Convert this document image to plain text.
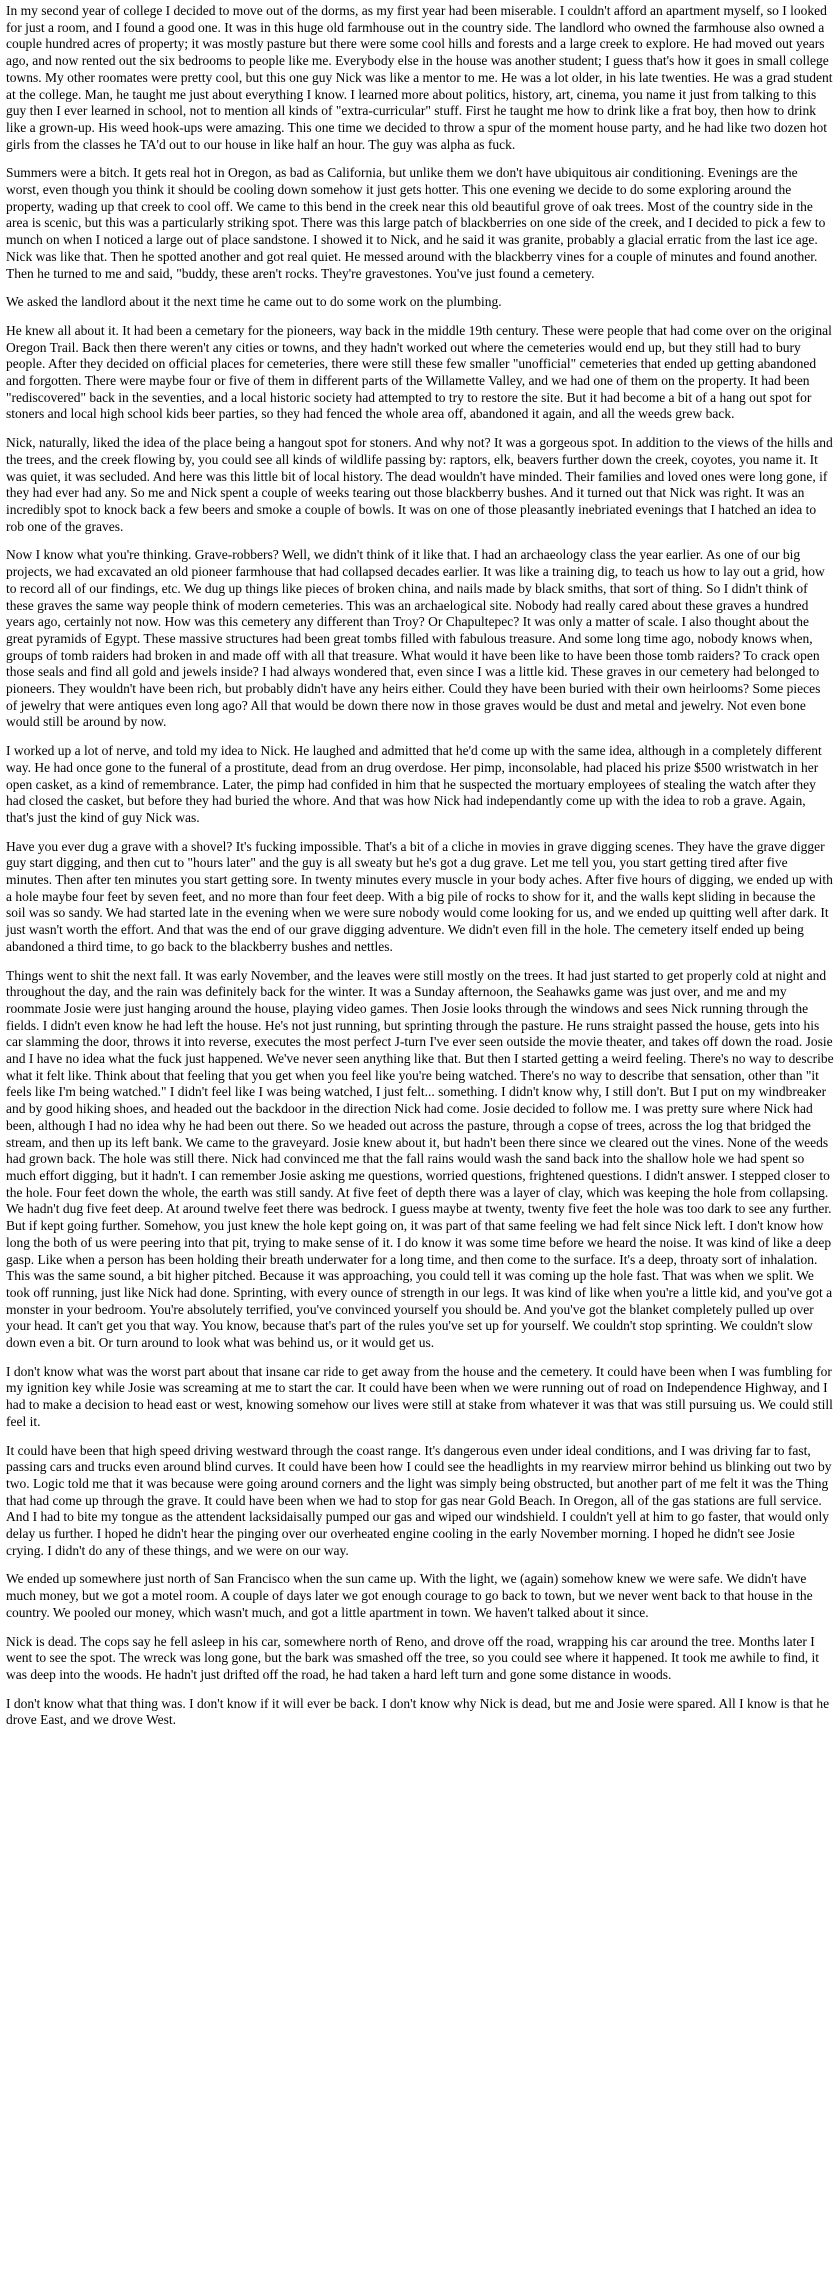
In my second year of college I decided to move out of the dorms, as my first year had been miserable. I couldn't afford an apartment myself, so I looked for just a room, and I found a good one. It was in this huge old farmhouse out in the country side. The landlord who owned the farmhouse also owned a couple hundred acres of property; it was mostly pasture but there were some cool hills and forests and a large creek to explore. He had moved out years ago, and now rented out the six bedrooms to people like me. Everybody else in the house was another student; I guess that's how it goes in small college towns. My other roomates were pretty cool, but this one guy Nick was like a mentor to me. He was a lot older, in his late twenties. He was a grad student at the college. Man, he taught me just about everything I know. I learned more about politics, history, art, cinema, you name it just from talking to this guy then I ever learned in school, not to mention all kinds of "extra-curricular" stuff. First he taught me how to drink like a frat boy, then how to drink like a grown-up. His weed hook-ups were amazing. This one time we decided to throw a spur of the moment house party, and he had like two dozen hot girls from the classes he TA'd out to our house in like half an hour. The guy was alpha as fuck.

Summers were a bitch. It gets real hot in Oregon, as bad as California, but unlike them we don't have ubiquitous air conditioning. Evenings are the worst, even though you think it should be cooling down somehow it just gets hotter. This one evening we decide to do some exploring around the property, wading up that creek to cool off. We came to this bend in the creek near this old beautiful grove of oak trees. Most of the country side in the area is scenic, but this was a particularly striking spot. There was this large patch of blackberries on one side of the creek, and I decided to pick a few to munch on when I noticed a large out of place sandstone. I showed it to Nick, and he said it was granite, probably a glacial erratic from the last ice age. Nick was like that. Then he spotted another and got real quiet. He messed around with the blackberry vines for a couple of minutes and found another. Then he turned to me and said, "buddy, these aren't rocks. They're gravestones. You've just found a cemetery.

We asked the landlord about it the next time he came out to do some work on the plumbing.

He knew all about it. It had been a cemetary for the pioneers, way back in the middle 19th century. These were people that had come over on the original Oregon Trail. Back then there weren't any cities or towns, and they hadn't worked out where the cemeteries would end up, but they still had to bury people. After they decided on official places for cemeteries, there were still these few smaller "unofficial" cemeteries that ended up getting abandoned and forgotten. There were maybe four or five of them in different parts of the Willamette Valley, and we had one of them on the property. It had been "rediscovered" back in the seventies, and a local historic society had attempted to try to restore the site. But it had become a bit of a hang out spot for stoners and local high school kids beer parties, so they had fenced the whole area off, abandoned it again, and all the weeds grew back.

Nick, naturally, liked the idea of the place being a hangout spot for stoners. And why not? It was a gorgeous spot. In addition to the views of the hills and the trees, and the creek flowing by, you could see all kinds of wildlife passing by: raptors, elk, beavers further down the creek, coyotes, you name it. It was quiet, it was secluded. And here was this little bit of local history. The dead wouldn't have minded. Their families and loved ones were long gone, if they had ever had any. So me and Nick spent a couple of weeks tearing out those blackberry bushes. And it turned out that Nick was right. It was an incredibly spot to knock back a few beers and smoke a couple of bowls. It was on one of those pleasantly inebriated evenings that I hatched an idea to rob one of the graves.

Now I know what you're thinking. Grave-robbers? Well, we didn't think of it like that. I had an archaeology class the year earlier. As one of our big projects, we had excavated an old pioneer farmhouse that had collapsed decades earlier. It was like a training dig, to teach us how to lay out a grid, how to record all of our findings, etc. We dug up things like pieces of broken china, and nails made by black smiths, that sort of thing. So I didn't think of these graves the same way people think of modern cemeteries. This was an archaelogical site. Nobody had really cared about these graves a hundred years ago, certainly not now. How was this cemetery any different than Troy? Or Chapultepec? It was only a matter of scale. I also thought about the great pyramids of Egypt. These massive structures had been great tombs filled with fabulous treasure. And some long time ago, nobody knows when, groups of tomb raiders had broken in and made off with all that treasure. What would it have been like to have been those tomb raiders? To crack open those seals and find all gold and jewels inside? I had always wondered that, even since I was a little kid. These graves in our cemetery had belonged to pioneers. They wouldn't have been rich, but probably didn't have any heirs either. Could they have been buried with their own heirlooms? Some pieces of jewelry that were antiques even long ago? All that would be down there now in those graves would be dust and metal and jewelry. Not even bone would still be around by now.

I worked up a lot of nerve, and told my idea to Nick. He laughed and admitted that he'd come up with the same idea, although in a completely different way. He had once gone to the funeral of a prostitute, dead from an drug overdose. Her pimp, inconsolable, had placed his prize $500 wristwatch in her open casket, as a kind of remembrance. Later, the pimp had confided in him that he suspected the mortuary employees of stealing the watch after they had closed the casket, but before they had buried the whore. And that was how Nick had independantly come up with the idea to rob a grave. Again, that's just the kind of guy Nick was.

Have you ever dug a grave with a shovel? It's fucking impossible. That's a bit of a cliche in movies in grave digging scenes. They have the grave digger guy start digging, and then cut to "hours later" and the guy is all sweaty but he's got a dug grave. Let me tell you, you start getting tired after five minutes. Then after ten minutes you start getting sore. In twenty minutes every muscle in your body aches. After five hours of digging, we ended up with a hole maybe four feet by seven feet, and no more than four feet deep. With a big pile of rocks to show for it, and the walls kept sliding in because the soil was so sandy. We had started late in the evening when we were sure nobody would come looking for us, and we ended up quitting well after dark. It just wasn't worth the effort. And that was the end of our grave digging adventure. We didn't even fill in the hole. The cemetery itself ended up being abandoned a third time, to go back to the blackberry bushes and nettles.

Things went to shit the next fall. It was early November, and the leaves were still mostly on the trees. It had just started to get properly cold at night and throughout the day, and the rain was definitely back for the winter. It was a Sunday afternoon, the Seahawks game was just over, and me and my roommate Josie were just hanging around the house, playing video games. Then Josie looks through the windows and sees Nick running through the fields. I didn't even know he had left the house. He's not just running, but sprinting through the pasture. He runs straight passed the house, gets into his car slamming the door, throws it into reverse, executes the most perfect J-turn I've ever seen outside the movie theater, and takes off down the road. Josie and I have no idea what the fuck just happened. We've never seen anything like that. But then I started getting a weird feeling. There's no way to describe what it felt like. Think about that feeling that you get when you feel like you're being watched. There's no way to describe that sensation, other than "it feels like I'm being watched." I didn't feel like I was being watched, I just felt... something. I didn't know why, I still don't. But I put on my windbreaker and by good hiking shoes, and headed out the backdoor in the direction Nick had come. Josie decided to follow me. I was pretty sure where Nick had been, although I had no idea why he had been out there. So we headed out across the pasture, through a copse of trees, across the log that bridged the stream, and then up its left bank. We came to the graveyard. Josie knew about it, but hadn't been there since we cleared out the vines. None of the weeds had grown back. The hole was still there. Nick had convinced me that the fall rains would wash the sand back into the shallow hole we had spent so much effort digging, but it hadn't. I can remember Josie asking me questions, worried questions, frightened questions. I didn't answer. I stepped closer to the hole. Four feet down the whole, the earth was still sandy. At five feet of depth there was a layer of clay, which was keeping the hole from collapsing. We hadn't dug five feet deep. At around twelve feet there was bedrock. I guess maybe at twenty, twenty five feet the hole was too dark to see any further. But if kept going further. Somehow, you just knew the hole kept going on, it was part of that same feeling we had felt since Nick left. I don't know how long the both of us were peering into that pit, trying to make sense of it. I do know it was some time before we heard the noise. It was kind of like a deep gasp. Like when a person has been holding their breath underwater for a long time, and then come to the surface. It's a deep, throaty sort of inhalation. This was the same sound, a bit higher pitched. Because it was approaching, you could tell it was coming up the hole fast. That was when we split. We took off running, just like Nick had done. Sprinting, with every ounce of strength in our legs. It was kind of like when you're a little kid, and you've got a monster in your bedroom. You're absolutely terrified, you've convinced yourself you should be. And you've got the blanket completely pulled up over your head. It can't get you that way. You know, because that's part of the rules you've set up for yourself. We couldn't stop sprinting. We couldn't slow down even a bit. Or turn around to look what was behind us, or it would get us.

I don't know what was the worst part about that insane car ride to get away from the house and the cemetery. It could have been when I was fumbling for my ignition key while Josie was screaming at me to start the car. It could have been when we were running out of road on Independence Highway, and I had to make a decision to head east or west, knowing somehow our lives were still at stake from whatever it was that was still pursuing us. We could still feel it.

It could have been that high speed driving westward through the coast range. It's dangerous even under ideal conditions, and I was driving far to fast, passing cars and trucks even around blind curves. It could have been how I could see the headlights in my rearview mirror behind us blinking out two by two. Logic told me that it was because were going around corners and the light was simply being obstructed, but another part of me felt it was the Thing that had come up through the grave. It could have been when we had to stop for gas near Gold Beach. In Oregon, all of the gas stations are full service. And I had to bite my tongue as the attendent lacksidaisally pumped our gas and wiped our windshield. I couldn't yell at him to go faster, that would only delay us further. I hoped he didn't hear the pinging over our overheated engine cooling in the early November morning. I hoped he didn't see Josie crying. I didn't do any of these things, and we were on our way.

We ended up somewhere just north of San Francisco when the sun came up. With the light, we (again) somehow knew we were safe. We didn't have much money, but we got a motel room. A couple of days later we got enough courage to go back to town, but we never went back to that house in the country. We pooled our money, which wasn't much, and got a little apartment in town. We haven't talked about it since.

Nick is dead. The cops say he fell asleep in his car, somewhere north of Reno, and drove off the road, wrapping his car around the tree. Months later I went to see the spot. The wreck was long gone, but the bark was smashed off the tree, so you could see where it happened. It took me awhile to find, it was deep into the woods. He hadn't just drifted off the road, he had taken a hard left turn and gone some distance in woods.

I don't know what that thing was. I don't know if it will ever be back. I don't know why Nick is dead, but me and Josie were spared. All I know is that he drove East, and we drove West.
